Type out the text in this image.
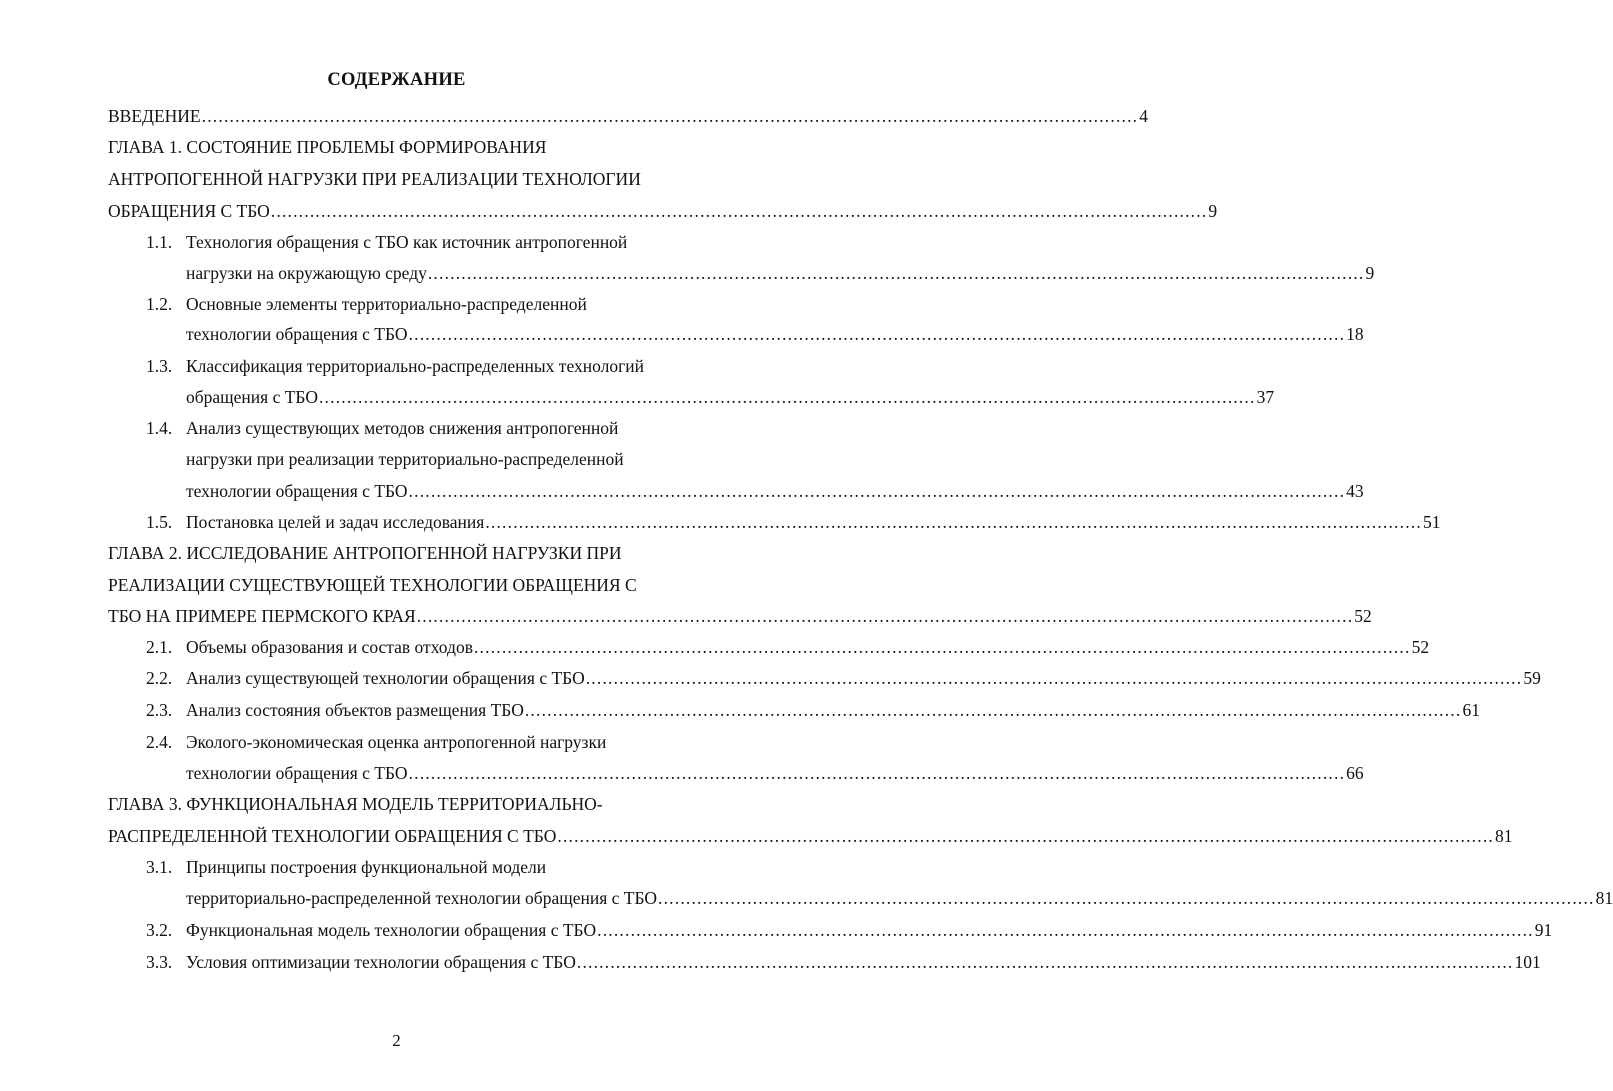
СОДЕРЖАНИЕ
ВВЕДЕНИЕ ........................................................................................................................................................................ 4
ГЛАВА 1. СОСТОЯНИЕ ПРОБЛЕМЫ ФОРМИРОВАНИЯ
АНТРОПОГЕННОЙ НАГРУЗКИ ПРИ РЕАЛИЗАЦИИ ТЕХНОЛОГИИ
ОБРАЩЕНИЯ С ТБО ........................................................................................................................................................................ 9
1.1. Технология обращения с ТБО как источник антропогенной
нагрузки на окружающую среду ........................................................................................................................................................................ 9
1.2. Основные элементы территориально-распределенной
технологии обращения с ТБО ........................................................................................................................................................................ 18
1.3. Классификация территориально-распределенных технологий
обращения с ТБО ........................................................................................................................................................................ 37
1.4. Анализ существующих методов снижения антропогенной
нагрузки при реализации территориально-распределенной
технологии обращения с ТБО ........................................................................................................................................................................ 43
1.5. Постановка целей и задач исследования ........................................................................................................................................................................ 51
ГЛАВА 2. ИССЛЕДОВАНИЕ АНТРОПОГЕННОЙ НАГРУЗКИ ПРИ
РЕАЛИЗАЦИИ СУЩЕСТВУЮЩЕЙ ТЕХНОЛОГИИ ОБРАЩЕНИЯ С
ТБО НА ПРИМЕРЕ ПЕРМСКОГО КРАЯ ........................................................................................................................................................................ 52
2.1. Объемы образования и состав отходов ........................................................................................................................................................................ 52
2.2. Анализ существующей технологии обращения с ТБО ........................................................................................................................................................................ 59
2.3. Анализ состояния объектов размещения ТБО ........................................................................................................................................................................ 61
2.4. Эколого-экономическая оценка антропогенной нагрузки
технологии обращения с ТБО ........................................................................................................................................................................ 66
ГЛАВА 3. ФУНКЦИОНАЛЬНАЯ МОДЕЛЬ ТЕРРИТОРИАЛЬНО-
РАСПРЕДЕЛЕННОЙ ТЕХНОЛОГИИ ОБРАЩЕНИЯ С ТБО ........................................................................................................................................................................ 81
3.1. Принципы построения функциональной модели
территориально-распределенной технологии обращения с ТБО ........................................................................................................................................................................ 81
3.2. Функциональная модель технологии обращения с ТБО ........................................................................................................................................................................ 91
3.3. Условия оптимизации технологии обращения с ТБО ........................................................................................................................................................................ 101
2
